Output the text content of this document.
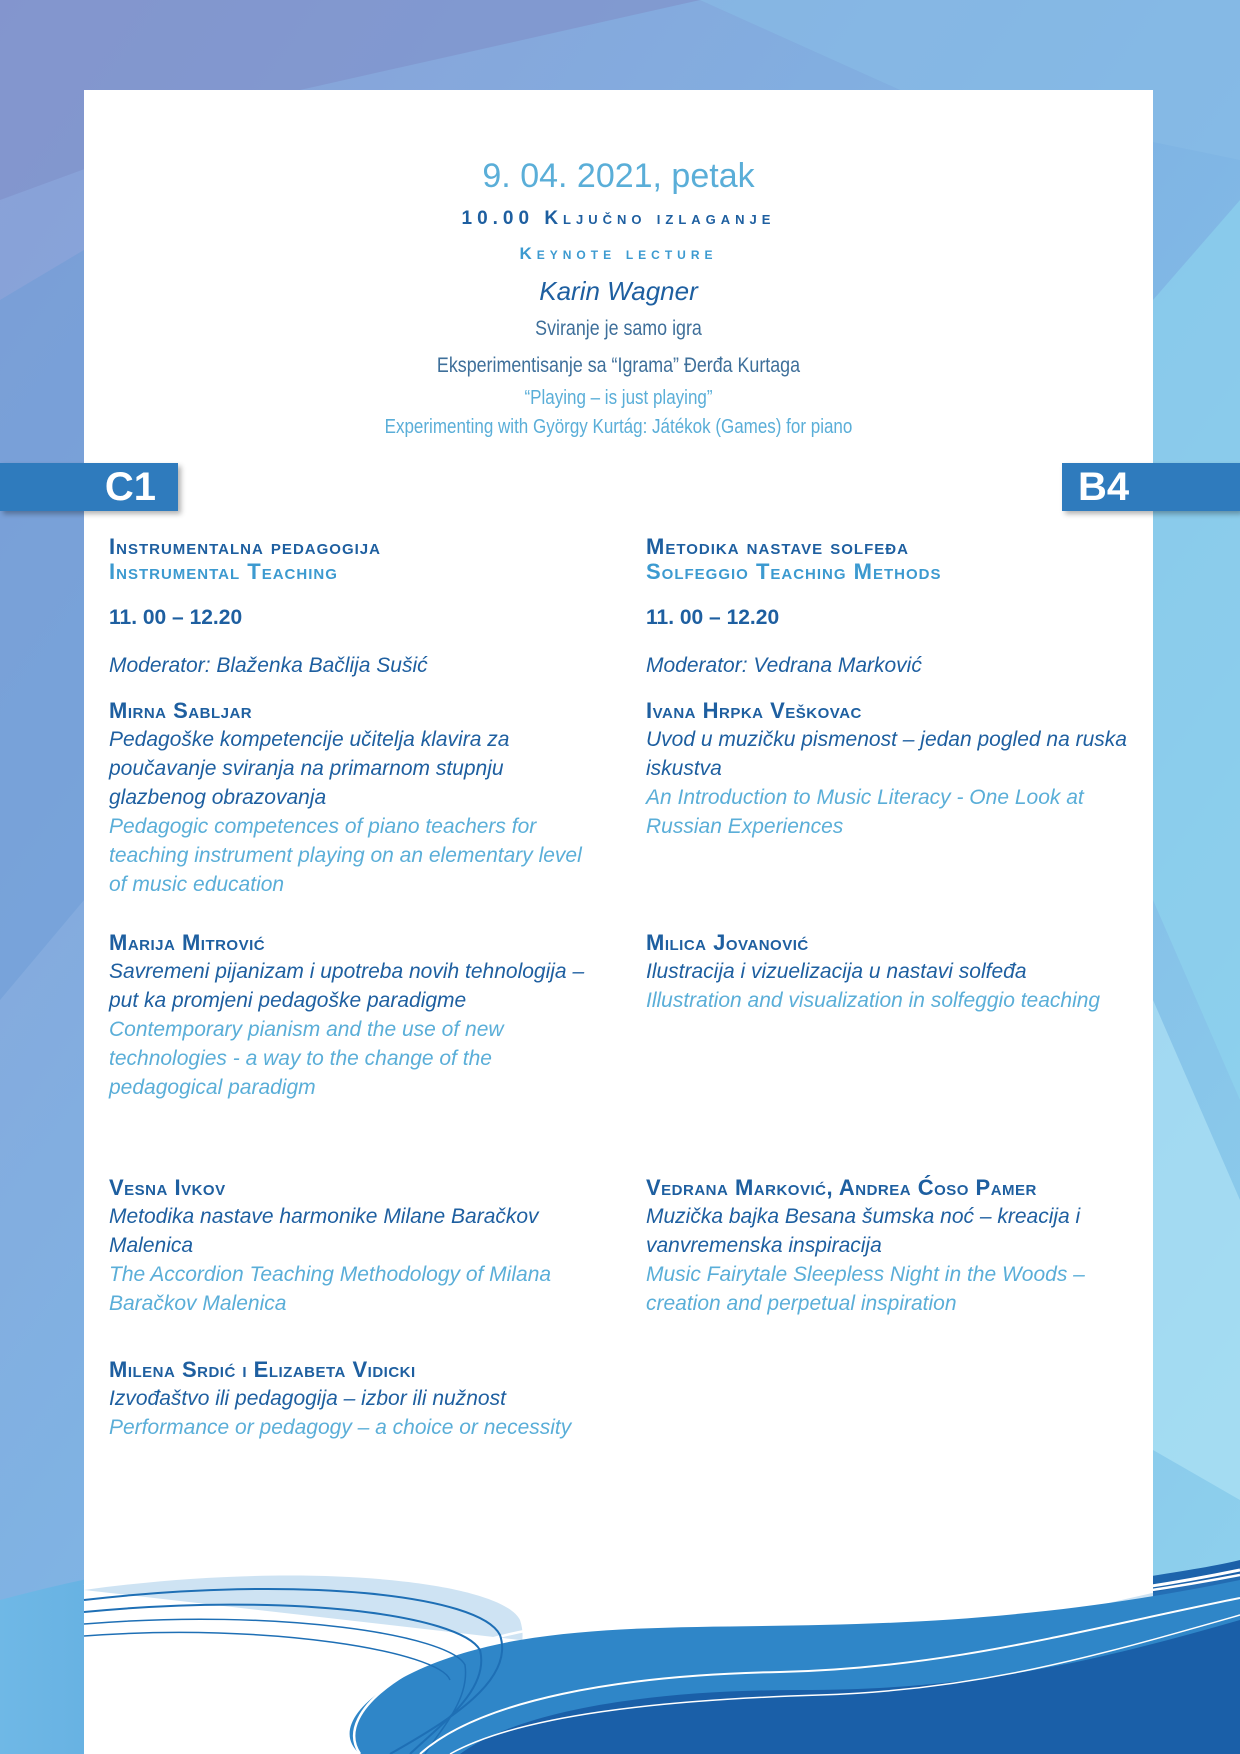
9. 04. 2021, petak
10.00 Ključno izlaganje
Keynote lecture
Karin Wagner
Sviranje je samo igra
Eksperimentisanje sa “Igrama” Đerđa Kurtaga
“Playing – is just playing”
Experimenting with György Kurtág: Játékok (Games) for piano
C1	B4
Instrumentalna pedagogija
Instrumental Teaching
11. 00 – 12.20
Moderator: Blaženka Bačlija Sušić
Mirna Sabljar
Pedagoške kompetencije učitelja klavira za poučavanje sviranja na primarnom stupnju glazbenog obrazovanja
Pedagogic competences of piano teachers for teaching instrument playing on an elementary level of music education
Marija Mitrović
Savremeni pijanizam i upotreba novih tehnologija – put ka promjeni pedagoške paradigme
Contemporary pianism and the use of new technologies - a way to the change of the pedagogical paradigm
Vesna Ivkov
Metodika nastave harmonike Milane Baračkov Malenica
The Accordion Teaching Methodology of Milana Baračkov Malenica
Milena Srdić i Elizabeta Vidicki
Izvođaštvo ili pedagogija – izbor ili nužnost
Performance or pedagogy – a choice or necessity
Metodika nastave solfeđa
Solfeggio Teaching Methods
11. 00 – 12.20
Moderator: Vedrana Marković
Ivana Hrpka Veškovac
Uvod u muzičku pismenost – jedan pogled na ruska iskustva
An Introduction to Music Literacy - One Look at Russian Experiences
Milica Jovanović
Ilustracija i vizuelizacija u nastavi solfeđa
Illustration and visualization in solfeggio teaching
Vedrana Marković, Andrea Ćoso Pamer
Muzička bajka Besana šumska noć – kreacija i vanvremenska inspiracija
Music Fairytale Sleepless Night in the Woods – creation and perpetual inspiration
